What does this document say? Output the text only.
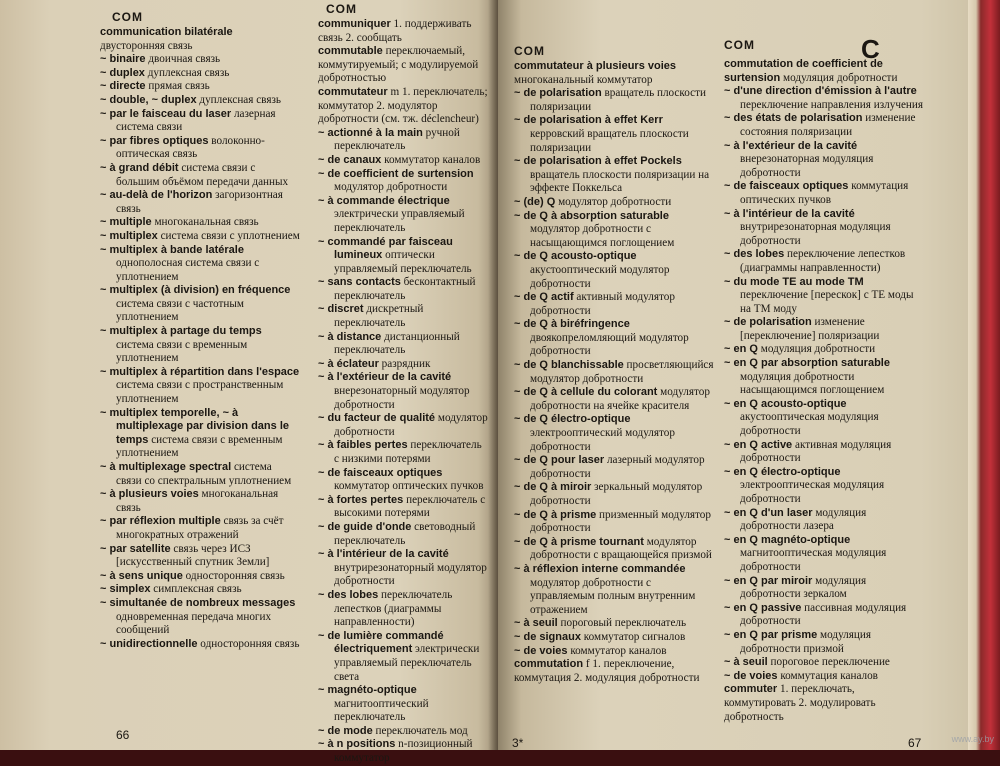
COM
COM
communication bilatérale двусторонняя связь
~ binaire двоичная связь
~ duplex дуплексная связь
~ directe прямая связь
~ double, ~ duplex дуплексная связь
~ par le faisceau du laser лазерная система связи
~ par fibres optiques волоконно-оптическая связь
~ à grand débit система связи с большим объёмом передачи данных
~ au-delà de l'horizon загоризонтная связь
~ multiple многоканальная связь
~ multiplex система связи с уплотнением
~ multiplex à bande latérale однополосная система связи с уплотнением
~ multiplex (à division) en fréquence система связи с частотным уплотнением
~ multiplex à partage du temps система связи с временным уплотнением
~ multiplex à répartition dans l'espace система связи с пространственным уплотнением
~ multiplex temporelle, ~ à multiplexage par division dans le temps система связи с временным уплотнением
~ à multiplexage spectral система связи со спектральным уплотнением
~ à plusieurs voies многоканальная связь
~ par réflexion multiple связь за счёт многократных отражений
~ par satellite связь через ИСЗ [искусственный спутник Земли]
~ à sens unique односторонняя связь
~ simplex симплексная связь
~ simultanée de nombreux messages одновременная передача многих сообщений
~ unidirectionnelle односторонняя связь
communiquer 1. поддерживать связь 2. сообщать
commutable переключаемый, коммутируемый; с модулируемой добротностью
commutateur m 1. переключатель; коммутатор 2. модулятор добротности (см. тж. déclencheur)
~ actionné à la main ручной переключатель
~ de canaux коммутатор каналов
~ de coefficient de surtension модулятор добротности
~ à commande électrique электрически управляемый переключатель
~ commandé par faisceau lumineux оптически управляемый переключатель
~ sans contacts бесконтактный переключатель
~ discret дискретный переключатель
~ à distance дистанционный переключатель
~ à éclateur разрядник
~ à l'extérieur de la cavité внерезонаторный модулятор добротности
~ du facteur de qualité модулятор добротности
~ à faibles pertes переключатель с низкими потерями
~ de faisceaux optiques коммутатор оптических пучков
~ à fortes pertes переключатель с высокими потерями
~ de guide d'onde световодный переключатель
~ à l'intérieur de la cavité внутрирезонаторный модулятор добротности
~ des lobes переключатель лепестков (диаграммы направленности)
~ de lumière commandé électriquement электрически управляемый переключатель света
~ magnéto-optique магнитооптический переключатель
~ de mode переключатель мод
~ à n positions n-позиционный коммутатор
66
COM	COM	C
commutateur à plusieurs voies многоканальный коммутатор
~ de polarisation вращатель плоскости поляризации
~ de polarisation à effet Kerr керровский вращатель плоскости поляризации
~ de polarisation à effet Pockels вращатель плоскости поляризации на эффекте Поккельса
~ (de) Q модулятор добротности
~ de Q à absorption saturable модулятор добротности с насыщающимся поглощением
~ de Q acousto-optique акустооптический модулятор добротности
~ de Q actif активный модулятор добротности
~ de Q à biréfringence двоякопреломляющий модулятор добротности
~ de Q blanchissable просветляющийся модулятор добротности
~ de Q à cellule du colorant модулятор добротности на ячейке красителя
~ de Q électro-optique электрооптический модулятор добротности
~ de Q pour laser лазерный модулятор добротности
~ de Q à miroir зеркальный модулятор добротности
~ de Q à prisme призменный модулятор добротности
~ de Q à prisme tournant модулятор добротности с вращающейся призмой
~ à réflexion interne commandée модулятор добротности с управляемым полным внутренним отражением
~ à seuil пороговый переключатель
~ de signaux коммутатор сигналов
~ de voies коммутатор каналов
commutation f 1. переключение, коммутация 2. модуляция добротности
commutation de coefficient de surtension модуляция добротности
~ d'une direction d'émission à l'autre переключение направления излучения
~ des états de polarisation изменение состояния поляризации
~ à l'extérieur de la cavité внерезонаторная модуляция добротности
~ de faisceaux optiques коммутация оптических пучков
~ à l'intérieur de la cavité внутрирезонаторная модуляция добротности
~ des lobes переключение лепестков (диаграммы направленности)
~ du mode TE au mode TM переключение [перескок] с TE моды на TM моду
~ de polarisation изменение [переключение] поляризации
~ en Q модуляция добротности
~ en Q par absorption saturable модуляция добротности насыщающимся поглощением
~ en Q acousto-optique акустооптическая модуляция добротности
~ en Q active активная модуляция добротности
~ en Q électro-optique электрооптическая модуляция добротности
~ en Q d'un laser модуляция добротности лазера
~ en Q magnéto-optique магнитооптическая модуляция добротности
~ en Q par miroir модуляция добротности зеркалом
~ en Q passive пассивная модуляция добротности
~ en Q par prisme модуляция добротности призмой
~ à seuil пороговое переключение
~ de voies коммутация каналов
commuter 1. переключать, коммутировать 2. модулировать добротность
3*	67	www.ay.by
